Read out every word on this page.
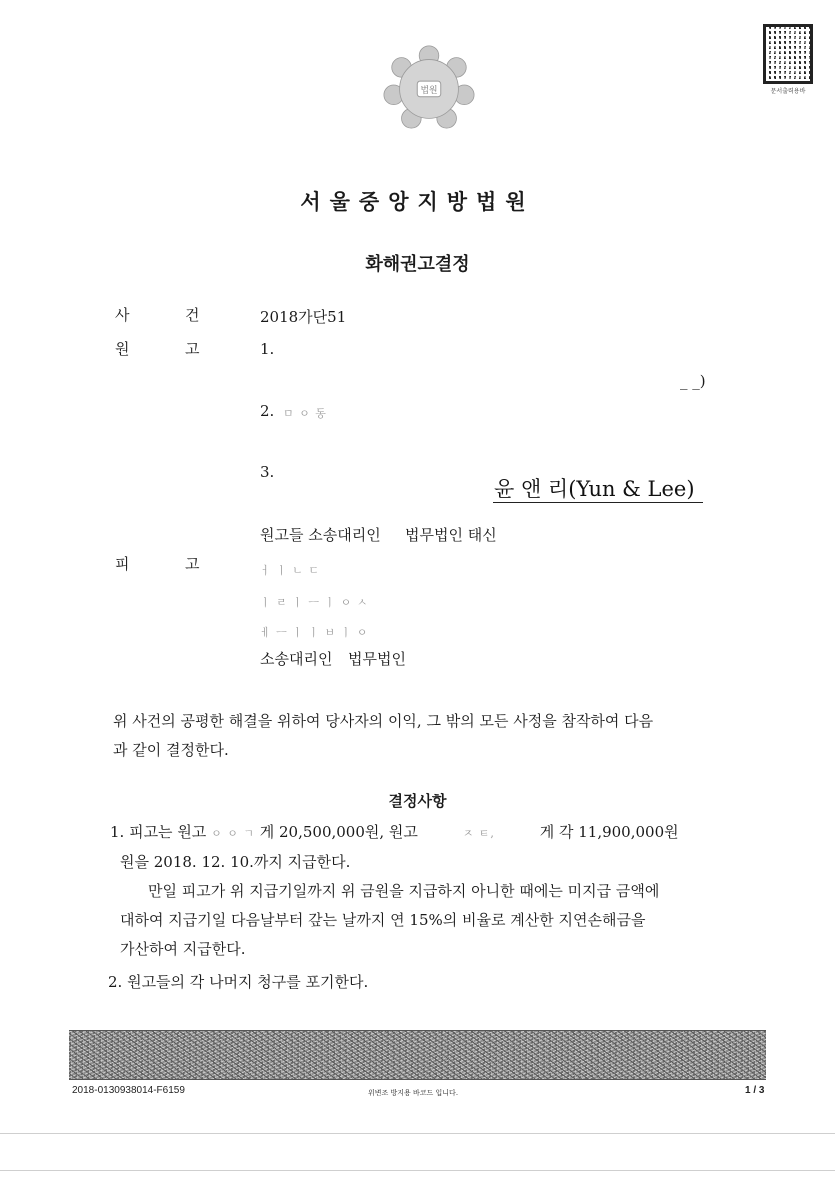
문서출력용바
법원
서울중앙지방법원
화해권고결정
사	건	2018가단51
원	고	1.
_ _)
2. ㅁ ㅇ 동
3.
윤 앤 리(Yun & Lee)
원고들 소송대리인 법무법인 태신
피	고	ㅓ ㅣ ㄴ ㄷ
ㅣ ㄹ ㅣ ㅡ ㅣ ㅇ ㅅ
ㅔ ㅡ ㅣ ㅣ ㅂ ㅣ ㅇ
소송대리인 법무법인
위 사건의 공평한 해결을 위하여 당사자의 이익, 그 밖의 모든 사정을 참작하여 다음
과 같이 결정한다.
결정사항
1. 피고는 원고 ㅇ ㅇ ㄱ 게 20,500,000원, 원고	ㅈ ㅌ,	게 각 11,900,000원
원을 2018. 12. 10.까지 지급한다.
만일 피고가 위 지급기일까지 위 금원을 지급하지 아니한 때에는 미지급 금액에
대하여 지급기일 다음날부터 갚는 날까지 연 15%의 비율로 계산한 지연손해금을
가산하여 지급한다.
2. 원고들의 각 나머지 청구를 포기한다.
2018-0130938014-F6159	위변조 방지용 바코드 입니다.	1 / 3
